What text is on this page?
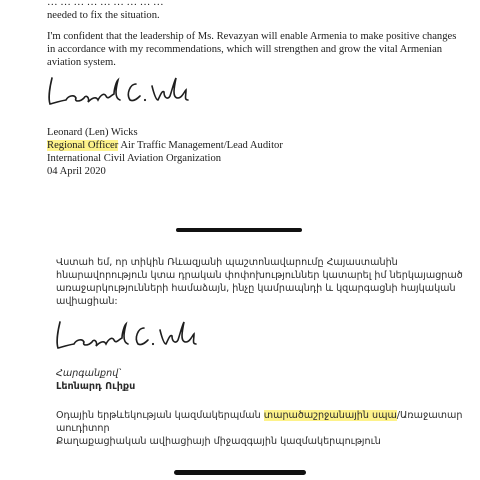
… … … … … … … … …
needed to fix the situation.
I'm confident that the leadership of Ms. Revazyan will enable Armenia to make positive changes
in accordance with my recommendations, which will strengthen and grow the vital Armenian
aviation system.
Leonard (Len) Wicks
Regional Officer Air Traffic Management/Lead Auditor
International Civil Aviation Organization
04 April 2020
Վստահ եմ, որ տիկին Ռևազյանի պաշտոնավարումը Հայաստանին
հնարավորություն կտա դրական փոփոխություններ կատարել իմ ներկայացրած
առաջարկությունների համաձայն, ինչը կամրապնդի և կզարգացնի հայկական
ավիացիան:
Հարգանքով՝
Լեոնարդ Ուիքս
Օդային երթևեկության կազմակերպման տարածաշրջանային սպա/Առաջատար
աուդիտոր
Քաղաքացիական ավիացիայի միջազգային կազմակերպություն
